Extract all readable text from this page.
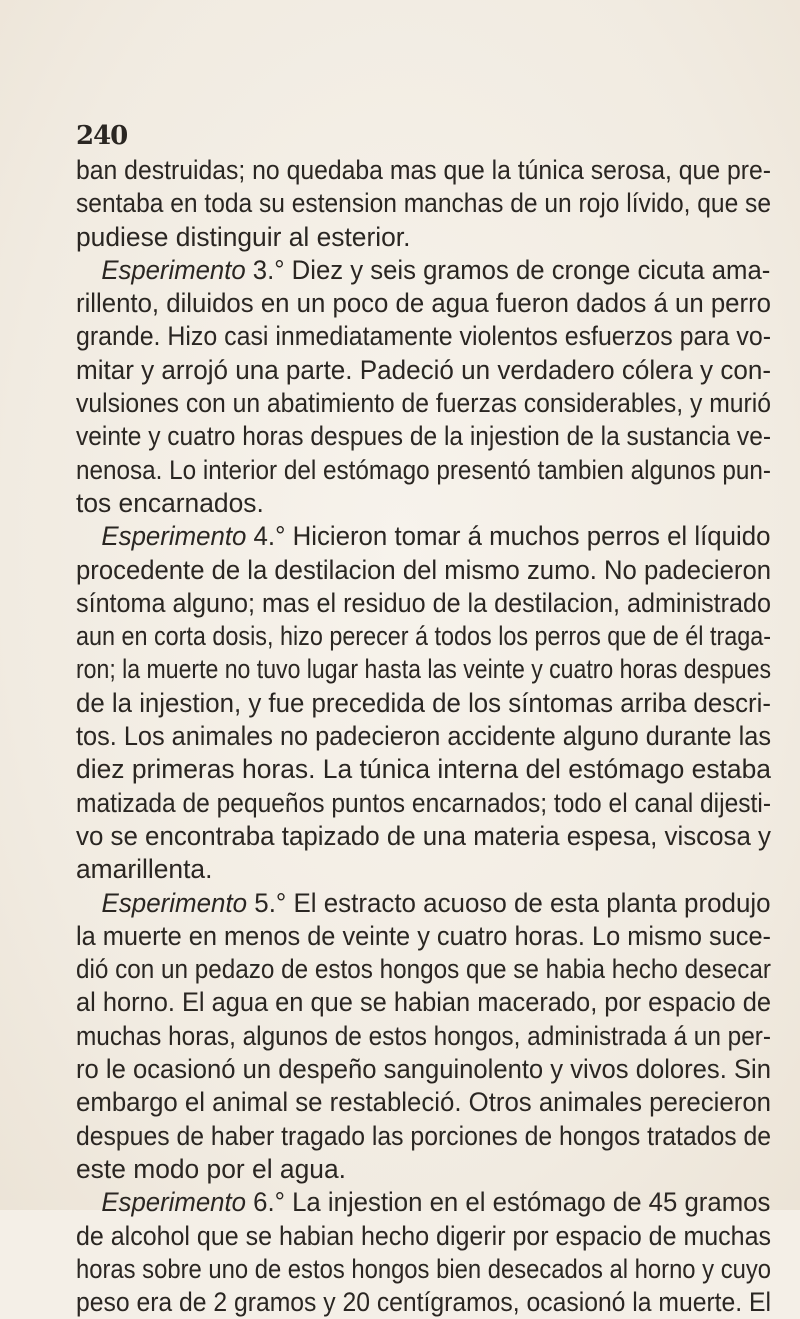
240
ban destruidas; no quedaba mas que la túnica serosa, que pre-
sentaba en toda su estension manchas de un rojo lívido, que se
pudiese distinguir al esterior.
Esperimento 3.° Diez y seis gramos de cronge cicuta ama-
rillento, diluidos en un poco de agua fueron dados á un perro
grande. Hizo casi inmediatamente violentos esfuerzos para vo-
mitar y arrojó una parte. Padeció un verdadero cólera y con-
vulsiones con un abatimiento de fuerzas considerables, y murió
veinte y cuatro horas despues de la injestion de la sustancia ve-
nenosa. Lo interior del estómago presentó tambien algunos pun-
tos encarnados.
Esperimento 4.° Hicieron tomar á muchos perros el líquido
procedente de la destilacion del mismo zumo. No padecieron
síntoma alguno; mas el residuo de la destilacion, administrado
aun en corta dosis, hizo perecer á todos los perros que de él traga-
ron; la muerte no tuvo lugar hasta las veinte y cuatro horas despues
de la injestion, y fue precedida de los síntomas arriba descri-
tos. Los animales no padecieron accidente alguno durante las
diez primeras horas. La túnica interna del estómago estaba
matizada de pequeños puntos encarnados; todo el canal dijesti-
vo se encontraba tapizado de una materia espesa, viscosa y
amarillenta.
Esperimento 5.° El estracto acuoso de esta planta produjo
la muerte en menos de veinte y cuatro horas. Lo mismo suce-
dió con un pedazo de estos hongos que se habia hecho desecar
al horno. El agua en que se habian macerado, por espacio de
muchas horas, algunos de estos hongos, administrada á un per-
ro le ocasionó un despeño sanguinolento y vivos dolores. Sin
embargo el animal se restableció. Otros animales perecieron
despues de haber tragado las porciones de hongos tratados de
este modo por el agua.
Esperimento 6.° La injestion en el estómago de 45 gramos
de alcohol que se habian hecho digerir por espacio de muchas
horas sobre uno de estos hongos bien desecados al horno y cuyo
peso era de 2 gramos y 20 centígramos, ocasionó la muerte. El
